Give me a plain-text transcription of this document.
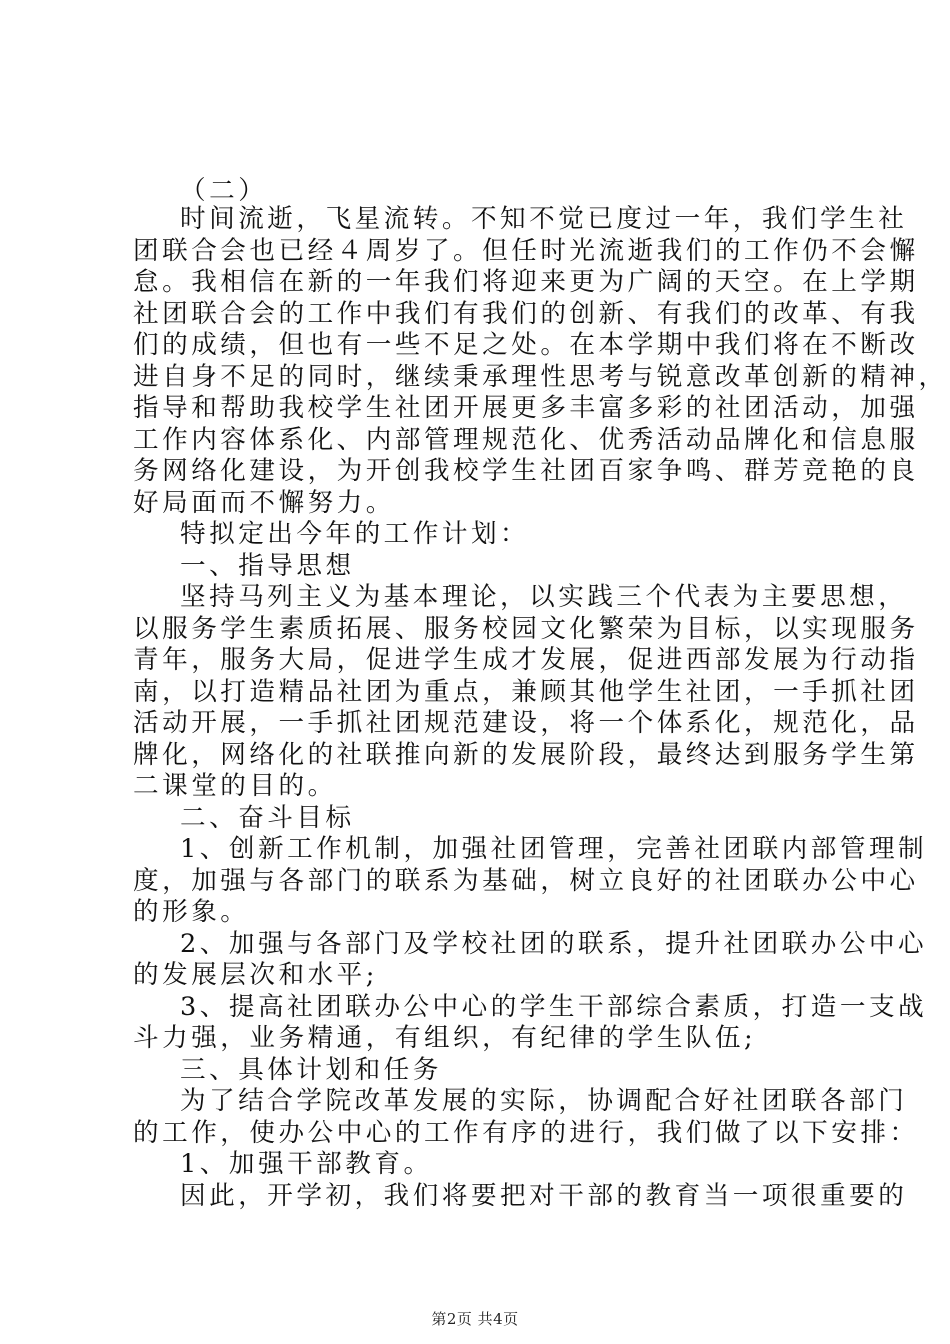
（二）
时间流逝，飞星流转。不知不觉已度过一年，我们学生社
团联合会也已经４周岁了。但任时光流逝我们的工作仍不会懈
怠。我相信在新的一年我们将迎来更为广阔的天空。在上学期
社团联合会的工作中我们有我们的创新、有我们的改革、有我
们的成绩，但也有一些不足之处。在本学期中我们将在不断改
进自身不足的同时，继续秉承理性思考与锐意改革创新的精神，
指导和帮助我校学生社团开展更多丰富多彩的社团活动，加强
工作内容体系化、内部管理规范化、优秀活动品牌化和信息服
务网络化建设，为开创我校学生社团百家争鸣、群芳竞艳的良
好局面而不懈努力。
特拟定出今年的工作计划：
一、指导思想
坚持马列主义为基本理论，以实践三个代表为主要思想，
以服务学生素质拓展、服务校园文化繁荣为目标，以实现服务
青年，服务大局，促进学生成才发展，促进西部发展为行动指
南，以打造精品社团为重点，兼顾其他学生社团，一手抓社团
活动开展，一手抓社团规范建设，将一个体系化，规范化，品
牌化，网络化的社联推向新的发展阶段，最终达到服务学生第
二课堂的目的。
二、奋斗目标
1、创新工作机制，加强社团管理，完善社团联内部管理制
度，加强与各部门的联系为基础，树立良好的社团联办公中心
的形象。
2、加强与各部门及学校社团的联系，提升社团联办公中心
的发展层次和水平;
3、提高社团联办公中心的学生干部综合素质，打造一支战
斗力强，业务精通，有组织，有纪律的学生队伍;
三、具体计划和任务
为了结合学院改革发展的实际，协调配合好社团联各部门
的工作，使办公中心的工作有序的进行，我们做了以下安排：
1、加强干部教育。
因此，开学初，我们将要把对干部的教育当一项很重要的
第2页 共4页
